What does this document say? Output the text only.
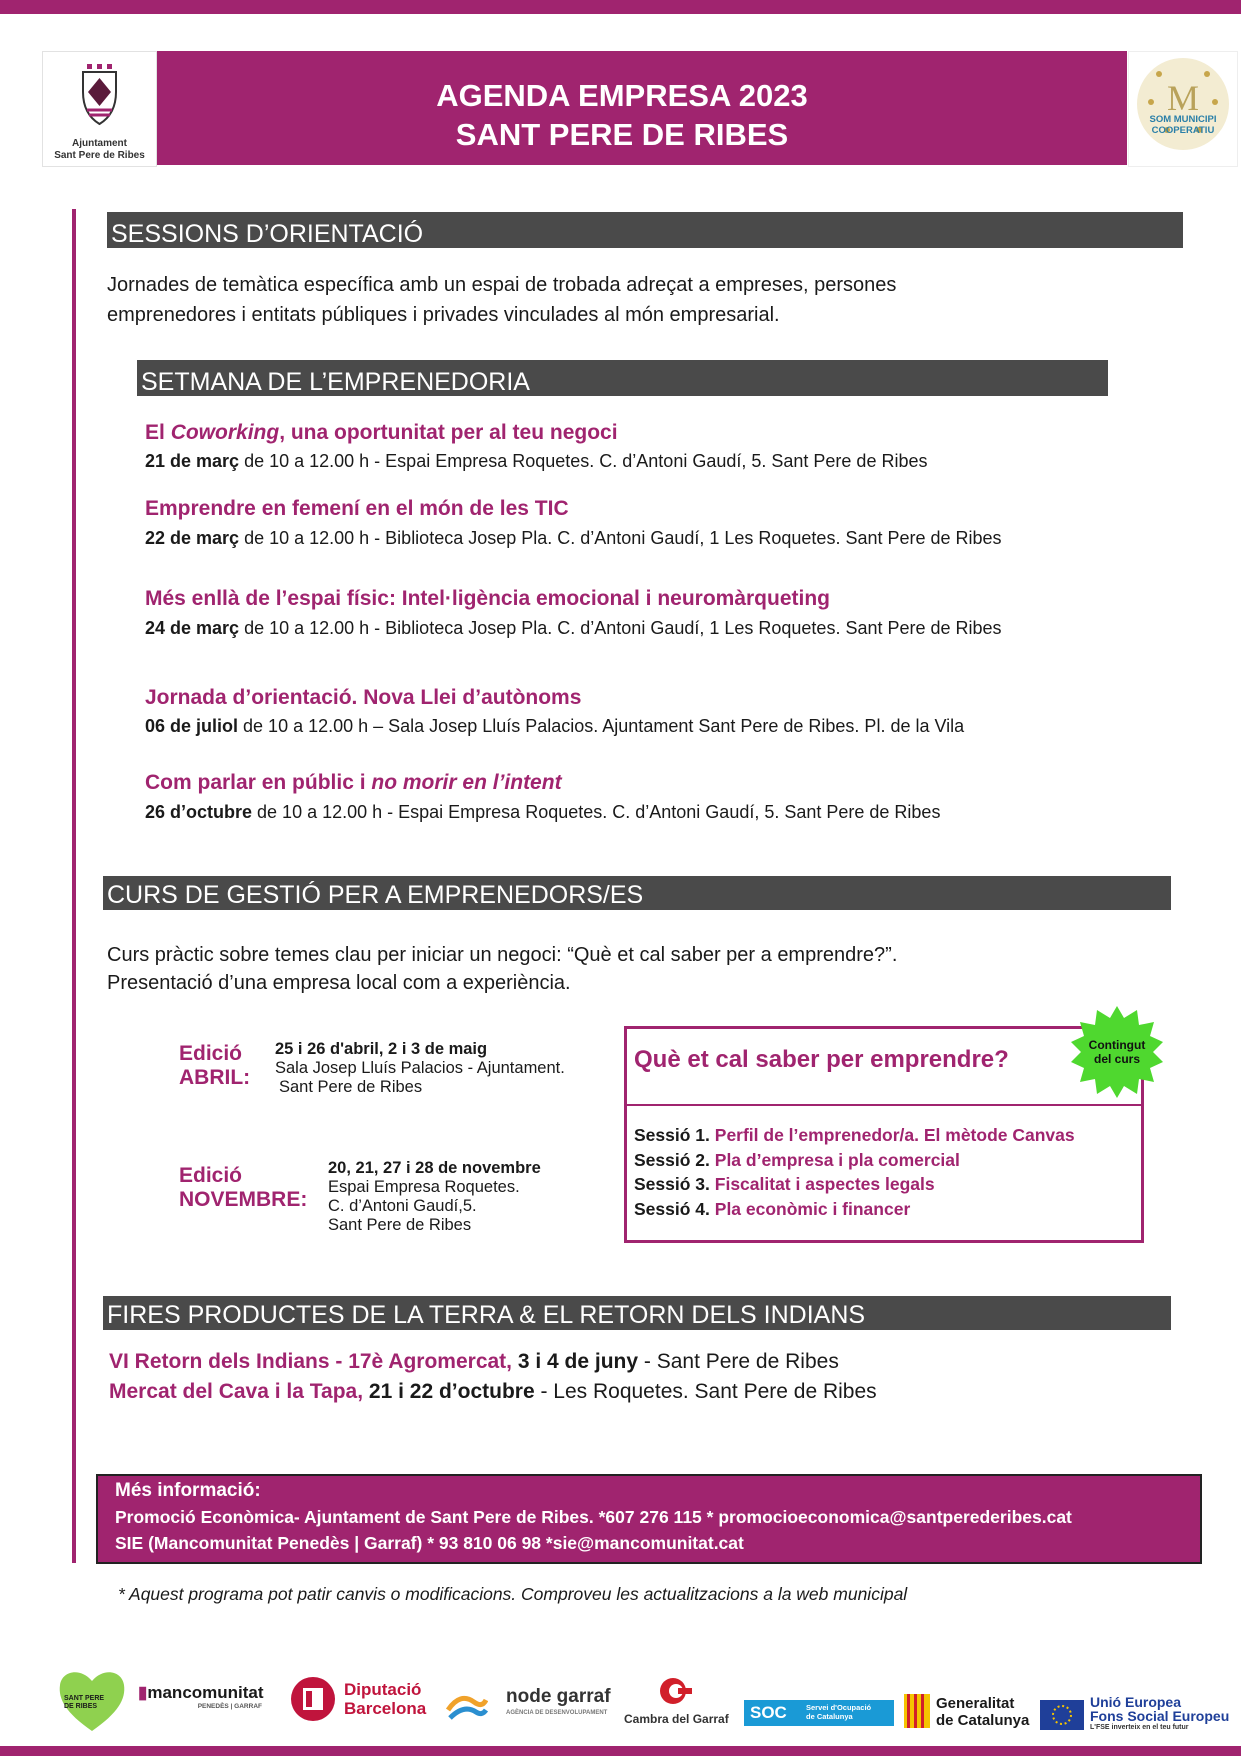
Ajuntament
Sant Pere de Ribes
AGENDA EMPRESA 2023
SANT PERE DE RIBES
M
SOM MUNICIPI
COOPERATIU
SESSIONS D’ORIENTACIÓ
Jornades de temàtica específica amb un espai de trobada adreçat a empreses, persones
emprenedores i entitats públiques i privades vinculades al món empresarial.
SETMANA DE L’EMPRENEDORIA
El Coworking, una oportunitat per al teu negoci
21 de març de 10 a 12.00 h - Espai Empresa Roquetes. C. d’Antoni Gaudí, 5. Sant Pere de Ribes
Emprendre en femení en el món de les TIC
22 de març de 10 a 12.00 h - Biblioteca Josep Pla. C. d’Antoni Gaudí, 1 Les Roquetes. Sant Pere de Ribes
Més enllà de l’espai físic: Intel·ligència emocional i neuromàrqueting
24 de març de 10 a 12.00 h - Biblioteca Josep Pla. C. d’Antoni Gaudí, 1 Les Roquetes. Sant Pere de Ribes
Jornada d’orientació. Nova Llei d’autònoms
06 de juliol de 10 a 12.00 h – Sala Josep Lluís Palacios. Ajuntament Sant Pere de Ribes. Pl. de la Vila
Com parlar en públic i no morir en l’intent
26 d’octubre de 10 a 12.00 h - Espai Empresa Roquetes. C. d’Antoni Gaudí, 5. Sant Pere de Ribes
CURS DE GESTIÓ PER A EMPRENEDORS/ES
Curs pràctic sobre temes clau per iniciar un negoci: “Què et cal saber per a emprendre?”.
Presentació d’una empresa local com a experiència.
Edició
ABRIL:
25 i 26 d'abril, 2 i 3 de maig
Sala Josep Lluís Palacios - Ajuntament.
Sant Pere de Ribes
Edició
NOVEMBRE:
20, 21, 27 i 28 de novembre
Espai Empresa Roquetes.
C. d’Antoni Gaudí,5.
Sant Pere de Ribes
Què et cal saber per emprendre?
Sessió 1. Perfil de l’emprenedor/a. El mètode Canvas
Sessió 2. Pla d’empresa i pla comercial
Sessió 3. Fiscalitat i aspectes legals
Sessió 4. Pla econòmic i financer
Contingut
del curs
FIRES PRODUCTES DE LA TERRA & EL RETORN DELS INDIANS
VI Retorn dels Indians - 17è Agromercat, 3 i 4 de juny - Sant Pere de Ribes
Mercat del Cava i la Tapa, 21 i 22 d’octubre - Les Roquetes. Sant Pere de Ribes
Més informació:
Promoció Econòmica- Ajuntament de Sant Pere de Ribes. *607 276 115 * promocioeconomica@santperederibes.cat
SIE (Mancomunitat Penedès | Garraf) * 93 810 06 98 *sie@mancomunitat.cat
* Aquest programa pot patir canvis o modificacions. Comproveu les actualitzacions a la web municipal
SANT PERE
DE RIBES
▮mancomunitat
PENEDÈS | GARRAF
Diputació
Barcelona
node garraf
AGÈNCIA DE DESENVOLUPAMENT Cambra del Garraf SOC	Servei d'Ocupació
de Catalunya
Generalitat
de Catalunya
Unió Europea
Fons Social Europeu
L'FSE inverteix en el teu futur
